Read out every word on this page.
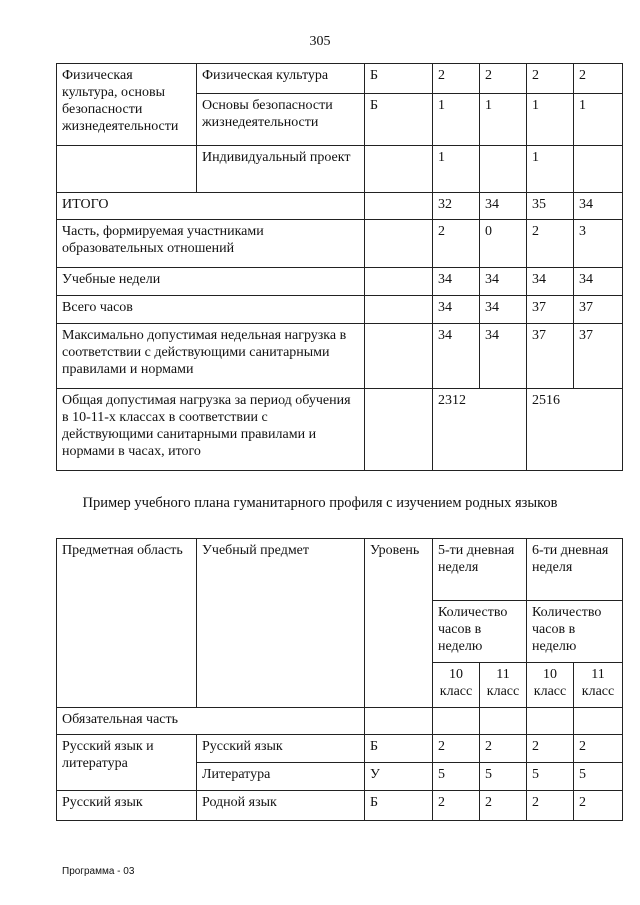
305
Физическая культура, основы безопасности жизнедеятельности	Физическая культура	Б	2	2	2	2
	Основы безопасности жизнедеятельности	Б	1	1	1	1
	Индивидуальный проект		1		1	
ИТОГО			32	34	35	34
Часть, формируемая участниками образовательных отношений			2	0	2	3
Учебные недели			34	34	34	34
Всего часов			34	34	37	37
Максимально допустимая недельная нагрузка в соответствии с действующими санитарными правилами и нормами			34	34	37	37
Общая допустимая нагрузка за период обучения в 10-11-х классах в соответствии с действующими санитарными правилами и нормами в часах, итого			2312		2516	
Пример учебного плана гуманитарного профиля с изучением родных языков
Предметная область	Учебный предмет	Уровень	5-ти дневная неделя		6-ти дневная неделя	
			Количество часов в неделю		Количество часов в неделю	
			10 класс	11 класс	10 класс	11 класс
Обязательная часть						
Русский язык и литература	Русский язык	Б	2	2	2	2
	Литература	У	5	5	5	5
Русский язык	Родной язык	Б	2	2	2	2
Программа - 03
